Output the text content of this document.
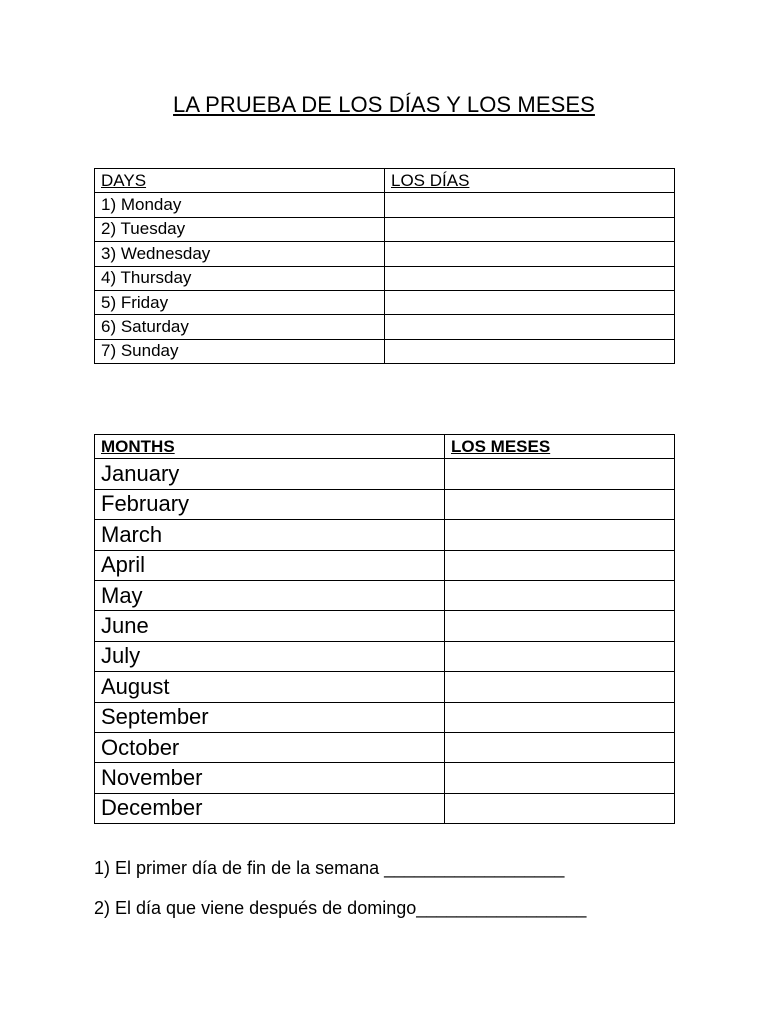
LA PRUEBA DE LOS DÍAS Y LOS MESES
DAYS	LOS DÍAS
1) Monday	
2) Tuesday	
3) Wednesday	
4) Thursday	
5) Friday	
6) Saturday	
7) Sunday	
MONTHS	LOS MESES
January	
February	
March	
April	
May	
June	
July	
August	
September	
October	
November	
December	
1) El primer día de fin de la semana __________________
2) El día que viene después de domingo_________________
